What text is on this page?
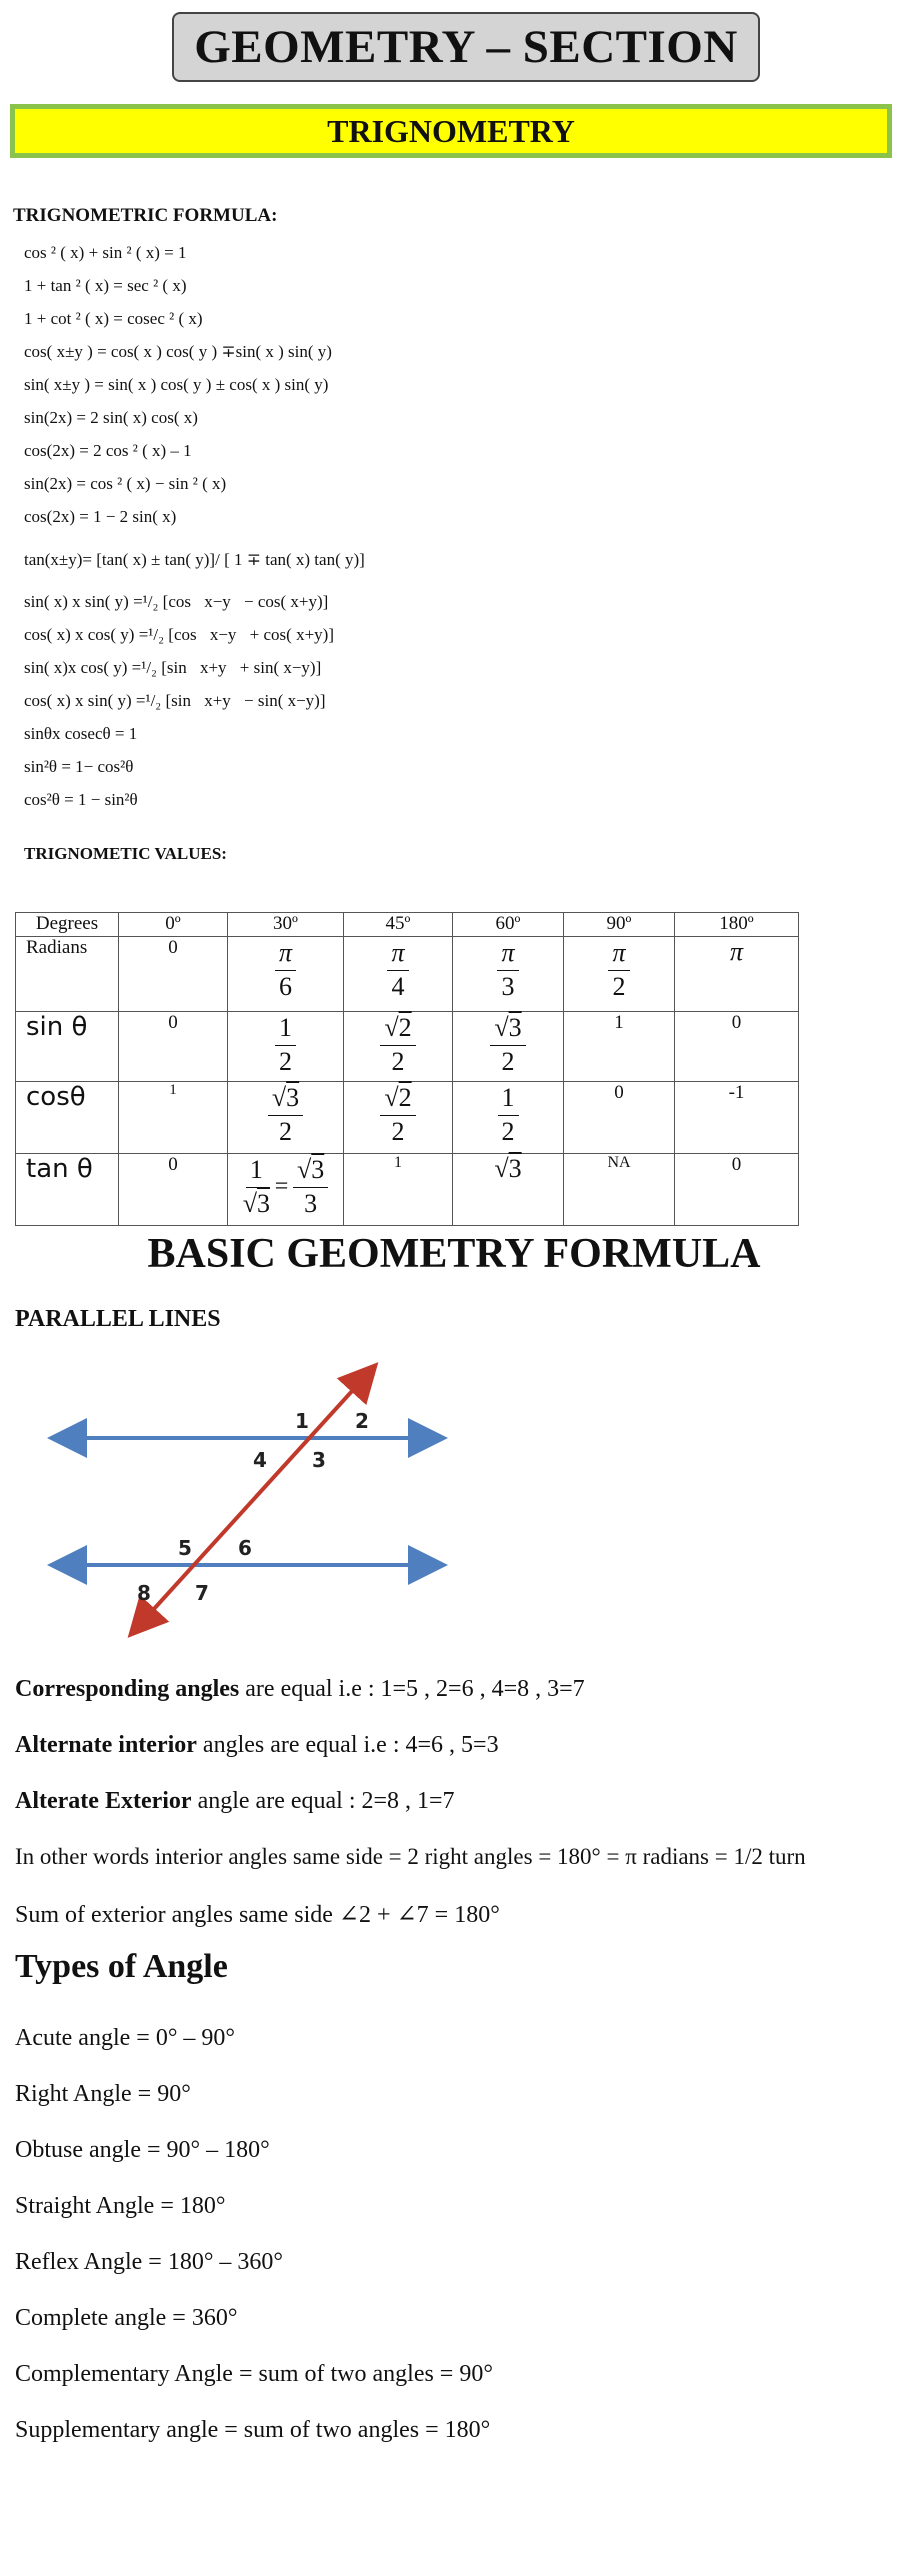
GEOMETRY – SECTION
TRIGNOMETRY
TRIGNOMETRIC FORMULA:
cos ² ( x) + sin ² ( x) = 1
1 + tan ² ( x) = sec ² ( x)
1 + cot ² ( x) = cosec ² ( x)
cos( x±y ) = cos( x ) cos( y ) ∓sin( x ) sin( y)
sin( x±y ) = sin( x ) cos( y ) ± cos( x ) sin( y)
sin(2x) = 2 sin( x) cos( x)
cos(2x) = 2 cos ² ( x) – 1
sin(2x) = cos ² ( x) − sin ² ( x)
cos(2x) = 1 − 2 sin( x)
tan(x±y)= [tan( x) ± tan( y)]/ [ 1 ∓ tan( x) tan( y)]
sin( x) x sin( y) =¹/₂ [cos􏰀x−y􏰁− cos( x+y)]
cos( x) x cos( y) =¹/₂ [cos􏰀x−y􏰁+ cos( x+y)]
sin( x)x cos( y) =¹/₂ [sin􏰀x+y􏰁+ sin( x−y)]
cos( x) x sin( y) =¹/₂ [sin􏰀x+y􏰁− sin( x−y)]
sinθx cosecθ = 1
sin²θ = 1− cos²θ
cos²θ = 1 − sin²θ
TRIGNOMETIC VALUES:
Degrees	0º	30º	45º	60º	90º	180º
Radians	0	$\frac{\pi}{6}$	$\frac{\pi}{4}$	$\frac{\pi}{3}$	$\frac{\pi}{2}$	π
sin θ	0	$\frac{1}{2}$	$\frac{√2}{2}$	$\frac{√3}{2}$	1	0
cosθ	1	$\frac{√3}{2}$	$\frac{√2}{2}$	$\frac{1}{2}$	0	-1
tan θ	0	$\frac{1}{√3} = \frac{√3}{3}$	1	√3	NA	0
BASIC GEOMETRY FORMULA
PARALLEL LINES
1 2
4 3
5 6
8 7
Corresponding angles are equal i.e : 1=5 , 2=6 , 4=8 , 3=7
Alternate interior angles are equal i.e : 4=6 , 5=3
Alterate Exterior angle are equal : 2=8 , 1=7
In other words interior angles same side = 2 right angles = 180° = π radians = 1/2 turn
Sum of exterior angles same side ∠2 + ∠7 = 180°
Types of Angle
Acute angle = 0° – 90°
Right Angle = 90°
Obtuse angle = 90° – 180°
Straight Angle = 180°
Reflex Angle = 180° – 360°
Complete angle = 360°
Complementary Angle = sum of two angles = 90°
Supplementary angle = sum of two angles = 180°
